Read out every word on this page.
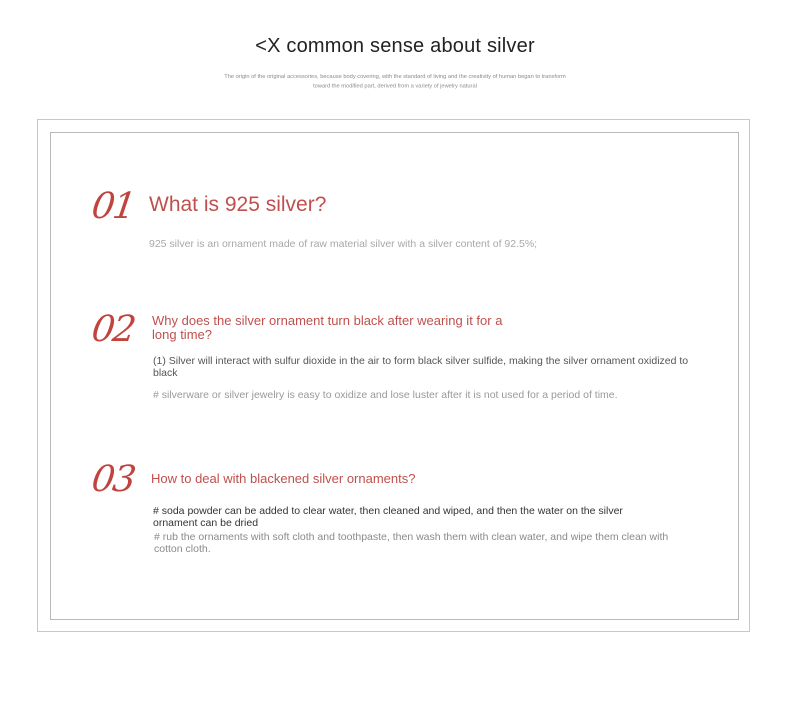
<X common sense about silver
The origin of the original accessories, because body covering, with the standard of living and the creativity of human began to transform toward the modified part, derived from a variety of jewelry natural
01 What is 925 silver?
925 silver is an ornament made of raw material silver with a silver content of 92.5%;
02 Why does the silver ornament turn black after wearing it for a long time?
(1) Silver will interact with sulfur dioxide in the air to form black silver sulfide, making the silver ornament oxidized to black
# silverware or silver jewelry is easy to oxidize and lose luster after it is not used for a period of time.
03 How to deal with blackened silver ornaments?
# soda powder can be added to clear water, then cleaned and wiped, and then the water on the silver ornament can be dried
# rub the ornaments with soft cloth and toothpaste, then wash them with clean water, and wipe them clean with cotton cloth.
